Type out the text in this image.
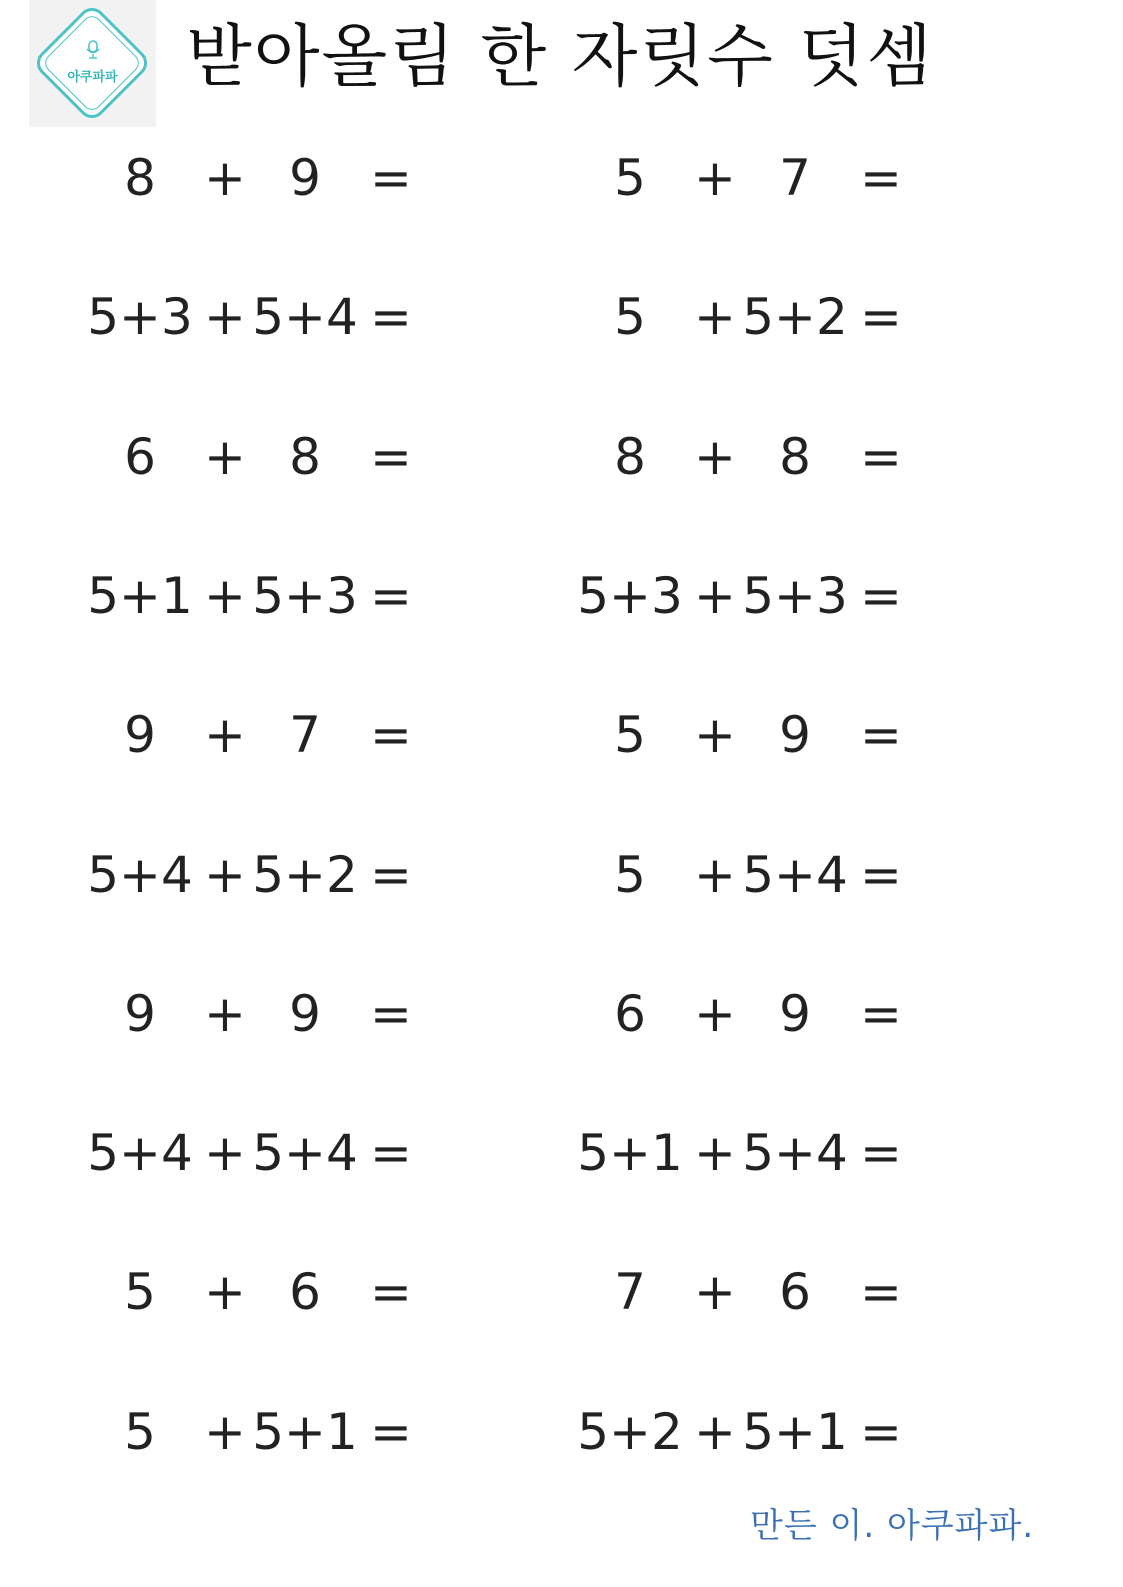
아쿠파파	받아올림 한 자릿수 덧셈
8 + 9 =	5 + 7 =
5+3 + 5+4 =	5 + 5+2 =
6 + 8 =	8 + 8 =
5+1 + 5+3 =	5+3 + 5+3 =
9 + 7 =	5 + 9 =
5+4 + 5+2 =	5 + 5+4 =
9 + 9 =	6 + 9 =
5+4 + 5+4 =	5+1 + 5+4 =
5 + 6 =	7 + 6 =
5 + 5+1 =	5+2 + 5+1 =
만든 이. 아쿠파파.
